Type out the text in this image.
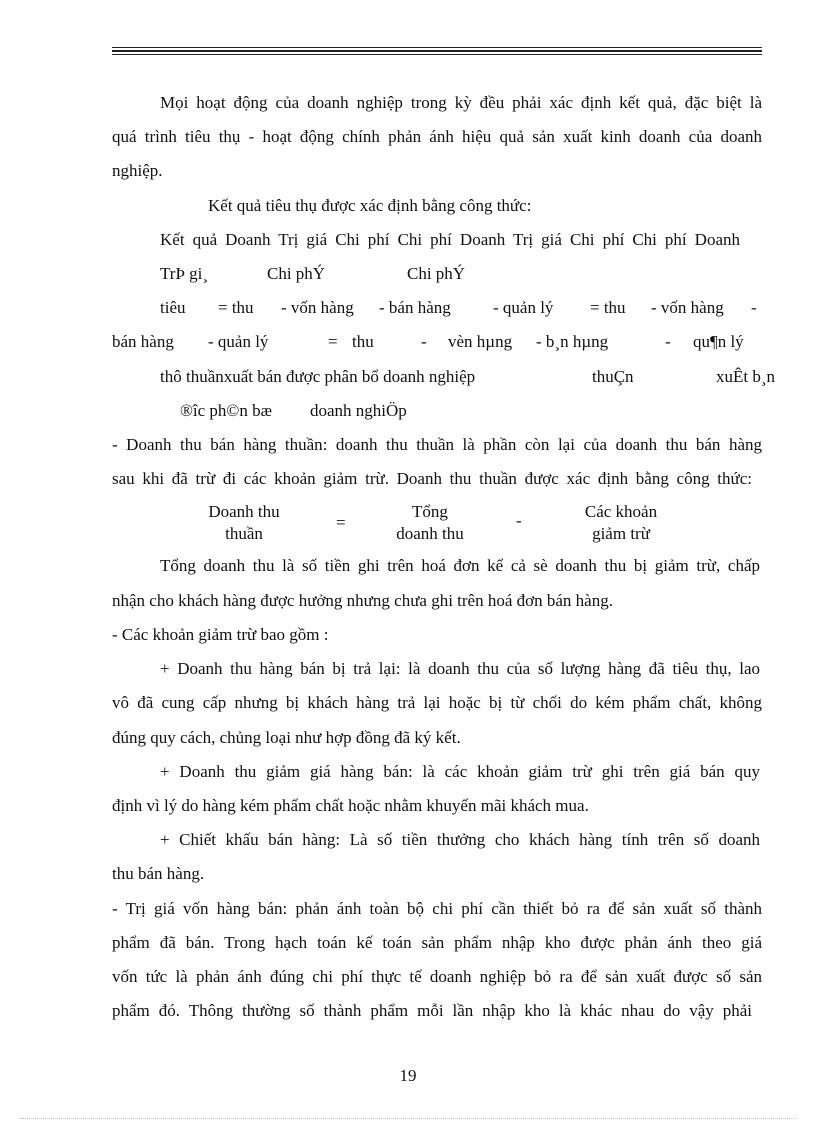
Mọi hoạt động của doanh nghiệp trong kỳ đều phải xác định kết quả, đặc biệt là
quá trình tiêu thụ - hoạt động chính phản ánh hiệu quả sản xuất kinh doanh của doanh
nghiệp.
Kết quả tiêu thụ được xác định bằng công thức:
Kết quả Doanh Trị giá Chi phí Chi phí Doanh Trị giá Chi phí Chi phí Doanh
TrÞ gi¸	Chi phÝ	Chi phÝ
tiêu = thu - vốn hàng - bán hàng - quản lý = thu - vốn hàng -
bán hàng - quản lý	= thu	- vèn hµng - b¸n hµng	- qu¶n lý
thô thuầnxuất bán được phân bổ doanh nghiệp	thuÇn	xuÊt b¸n
®îc ph©n bæ doanh nghiÖp
- Doanh thu bán hàng thuần: doanh thu thuần là phần còn lại của doanh thu bán hàng
sau khi đã trừ đi các khoản giảm trừ. Doanh thu thuần được xác định bằng công thức:
Doanh thu
thuần
=
Tổng
doanh thu
-	Các khoản
giảm trừ
Tổng doanh thu là số tiền ghi trên hoá đơn kể cả sè doanh thu bị giảm trừ, chấp
nhận cho khách hàng được hưởng nhưng chưa ghi trên hoá đơn bán hàng.
- Các khoản giảm trừ bao gồm :
+ Doanh thu hàng bán bị trả lại: là doanh thu của số lượng hàng đã tiêu thụ, lao
vô đã cung cấp nhưng bị khách hàng trả lại hoặc bị từ chối do kém phẩm chất, không
đúng quy cách, chủng loại như hợp đồng đã ký kết.
+ Doanh thu giảm giá hàng bán: là các khoản giảm trừ ghi trên giá bán quy
định vì lý do hàng kém phẩm chất hoặc nhằm khuyến mãi khách mua.
+ Chiết khấu bán hàng: Là số tiền thưởng cho khách hàng tính trên số doanh
thu bán hàng.
- Trị giá vốn hàng bán: phản ánh toàn bộ chi phí cần thiết bỏ ra để sản xuất số thành
phẩm đã bán. Trong hạch toán kế toán sản phẩm nhập kho được phản ánh theo giá
vốn tức là phản ánh đúng chi phí thực tế doanh nghiệp bỏ ra để sản xuất được số sản
phẩm đó. Thông thường số thành phẩm mỗi lần nhập kho là khác nhau do vậy phải
19
